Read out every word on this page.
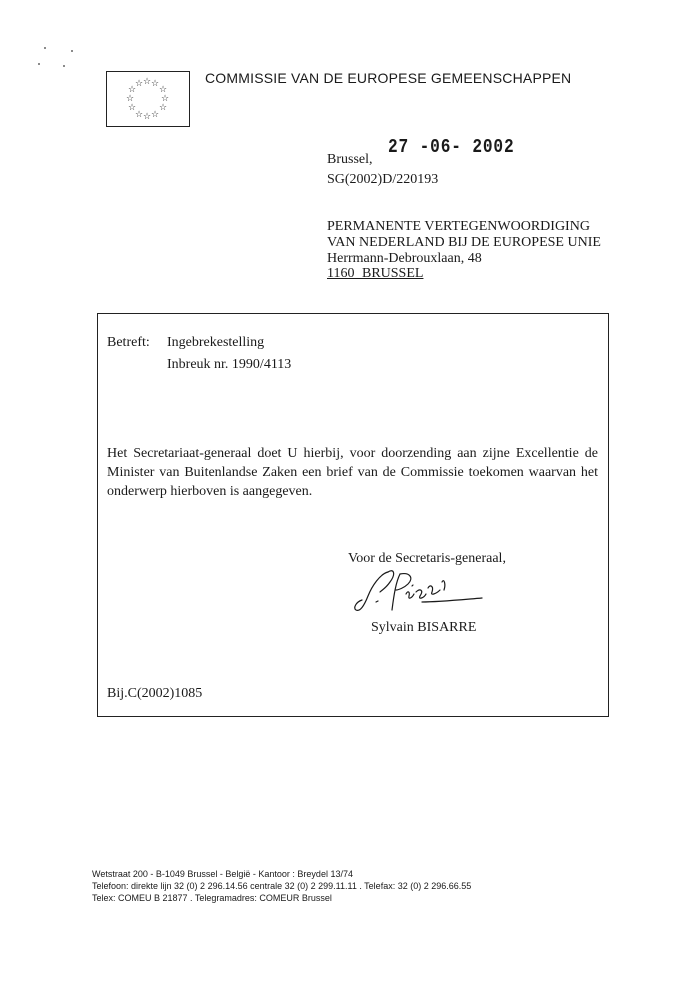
☆ ☆
☆
☆	☆
☆	☆
☆	☆
☆ ☆
☆
COMMISSIE VAN DE EUROPESE GEMEENSCHAPPEN
27 -06- 2002
Brussel,
SG(2002)D/220193
PERMANENTE VERTEGENWOORDIGING
VAN NEDERLAND BIJ DE EUROPESE UNIE
Herrmann-Debrouxlaan, 48
1160 BRUSSEL
Betreft: Ingebrekestelling
Inbreuk nr. 1990/4113
Het Secretariaat-generaal doet U hierbij, voor doorzending aan zijne Excellentie de Minister van Buitenlandse Zaken een brief van de Commissie toekomen waarvan het onderwerp hierboven is aangegeven.
Voor de Secretaris-generaal,
Sylvain BISARRE
Bij.C(2002)1085
Wetstraat 200 - B-1049 Brussel - België - Kantoor : Breydel 13/74
Telefoon: direkte lijn 32 (0) 2 296.14.56 centrale 32 (0) 2 299.11.11 . Telefax: 32 (0) 2 296.66.55
Telex: COMEU B 21877 . Telegramadres: COMEUR Brussel
